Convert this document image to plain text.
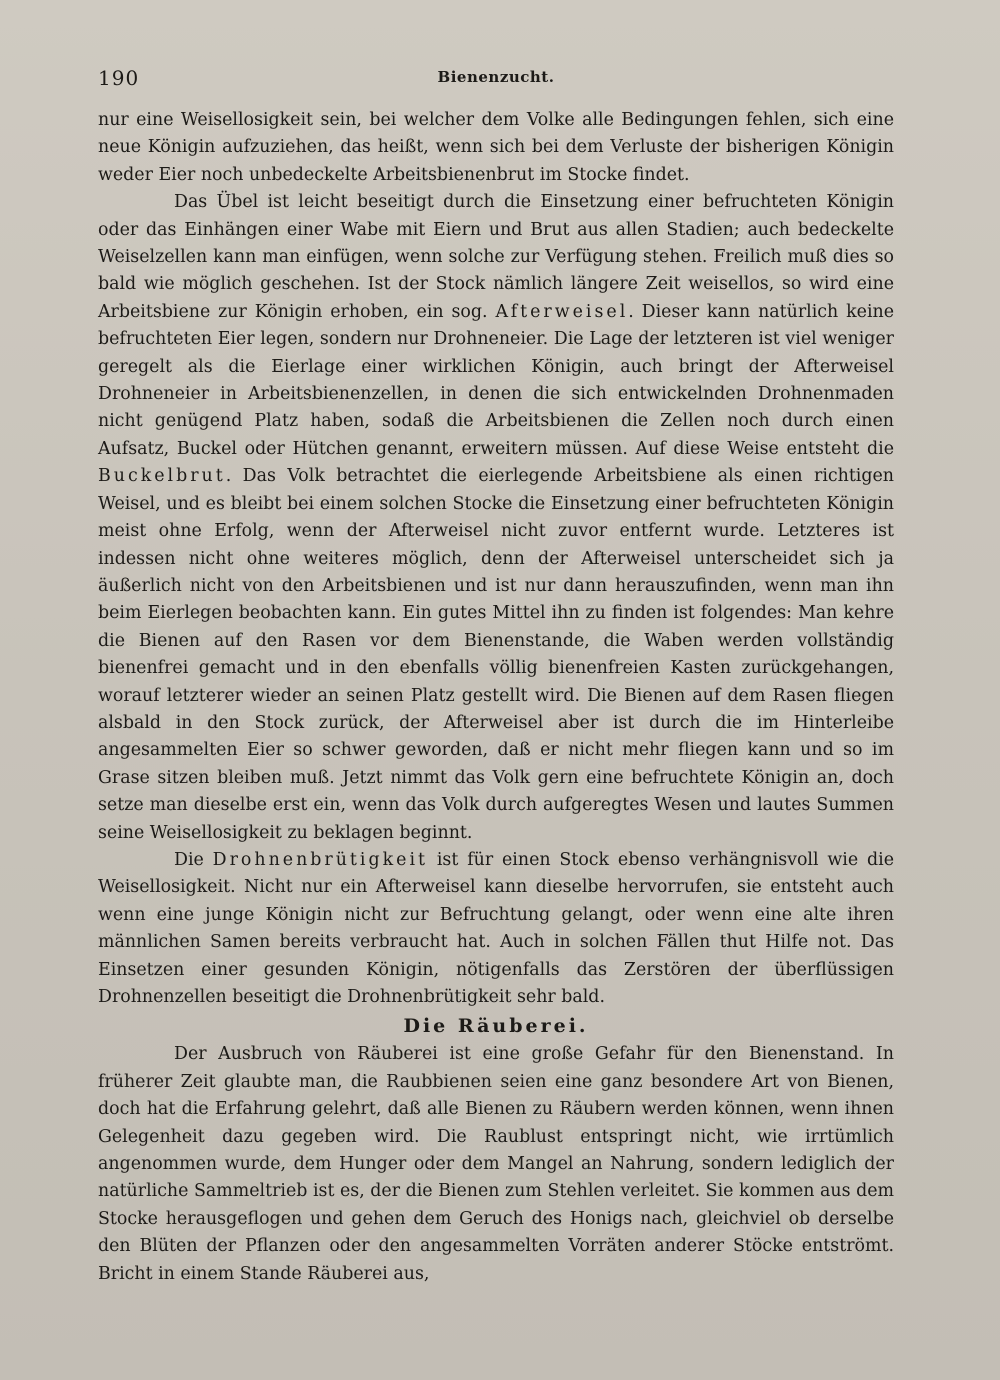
190	Bienenzucht.

nur eine Weisellosigkeit sein, bei welcher dem Volke alle Bedingungen fehlen, sich eine neue Königin aufzuziehen, das heißt, wenn sich bei dem Verluste der bisherigen Königin weder Eier noch unbedeckelte Arbeitsbienenbrut im Stocke findet.

Das Übel ist leicht beseitigt durch die Einsetzung einer befruchteten Königin oder das Einhängen einer Wabe mit Eiern und Brut aus allen Stadien; auch bedeckelte Weiselzellen kann man einfügen, wenn solche zur Verfügung stehen. Freilich muß dies so bald wie möglich geschehen. Ist der Stock nämlich längere Zeit weisellos, so wird eine Arbeitsbiene zur Königin erhoben, ein sog. Afterweisel. Dieser kann natürlich keine befruchteten Eier legen, sondern nur Drohneneier. Die Lage der letzteren ist viel weniger geregelt als die Eierlage einer wirklichen Königin, auch bringt der Afterweisel Drohneneier in Arbeitsbienenzellen, in denen die sich entwickelnden Drohnenmaden nicht genügend Platz haben, sodaß die Arbeitsbienen die Zellen noch durch einen Aufsatz, Buckel oder Hütchen genannt, erweitern müssen. Auf diese Weise entsteht die Buckelbrut. Das Volk betrachtet die eierlegende Arbeitsbiene als einen richtigen Weisel, und es bleibt bei einem solchen Stocke die Einsetzung einer befruchteten Königin meist ohne Erfolg, wenn der Afterweisel nicht zuvor entfernt wurde. Letzteres ist indessen nicht ohne weiteres möglich, denn der Afterweisel unterscheidet sich ja äußerlich nicht von den Arbeitsbienen und ist nur dann herauszufinden, wenn man ihn beim Eierlegen beobachten kann. Ein gutes Mittel ihn zu finden ist folgendes: Man kehre die Bienen auf den Rasen vor dem Bienenstande, die Waben werden vollständig bienenfrei gemacht und in den ebenfalls völlig bienenfreien Kasten zurückgehangen, worauf letzterer wieder an seinen Platz gestellt wird. Die Bienen auf dem Rasen fliegen alsbald in den Stock zurück, der Afterweisel aber ist durch die im Hinterleibe angesammelten Eier so schwer geworden, daß er nicht mehr fliegen kann und so im Grase sitzen bleiben muß. Jetzt nimmt das Volk gern eine befruchtete Königin an, doch setze man dieselbe erst ein, wenn das Volk durch aufgeregtes Wesen und lautes Summen seine Weisellosigkeit zu beklagen beginnt.

Die Drohnenbrütigkeit ist für einen Stock ebenso verhängnisvoll wie die Weisellosigkeit. Nicht nur ein Afterweisel kann dieselbe hervorrufen, sie entsteht auch wenn eine junge Königin nicht zur Befruchtung gelangt, oder wenn eine alte ihren männlichen Samen bereits verbraucht hat. Auch in solchen Fällen thut Hilfe not. Das Einsetzen einer gesunden Königin, nötigenfalls das Zerstören der überflüssigen Drohnenzellen beseitigt die Drohnenbrütigkeit sehr bald.

Die Räuberei.

Der Ausbruch von Räuberei ist eine große Gefahr für den Bienenstand. In früherer Zeit glaubte man, die Raubbienen seien eine ganz besondere Art von Bienen, doch hat die Erfahrung gelehrt, daß alle Bienen zu Räubern werden können, wenn ihnen Gelegenheit dazu gegeben wird. Die Raublust entspringt nicht, wie irrtümlich angenommen wurde, dem Hunger oder dem Mangel an Nahrung, sondern lediglich der natürliche Sammeltrieb ist es, der die Bienen zum Stehlen verleitet. Sie kommen aus dem Stocke herausgeflogen und gehen dem Geruch des Honigs nach, gleichviel ob derselbe den Blüten der Pflanzen oder den angesammelten Vorräten anderer Stöcke entströmt. Bricht in einem Stande Räuberei aus,
